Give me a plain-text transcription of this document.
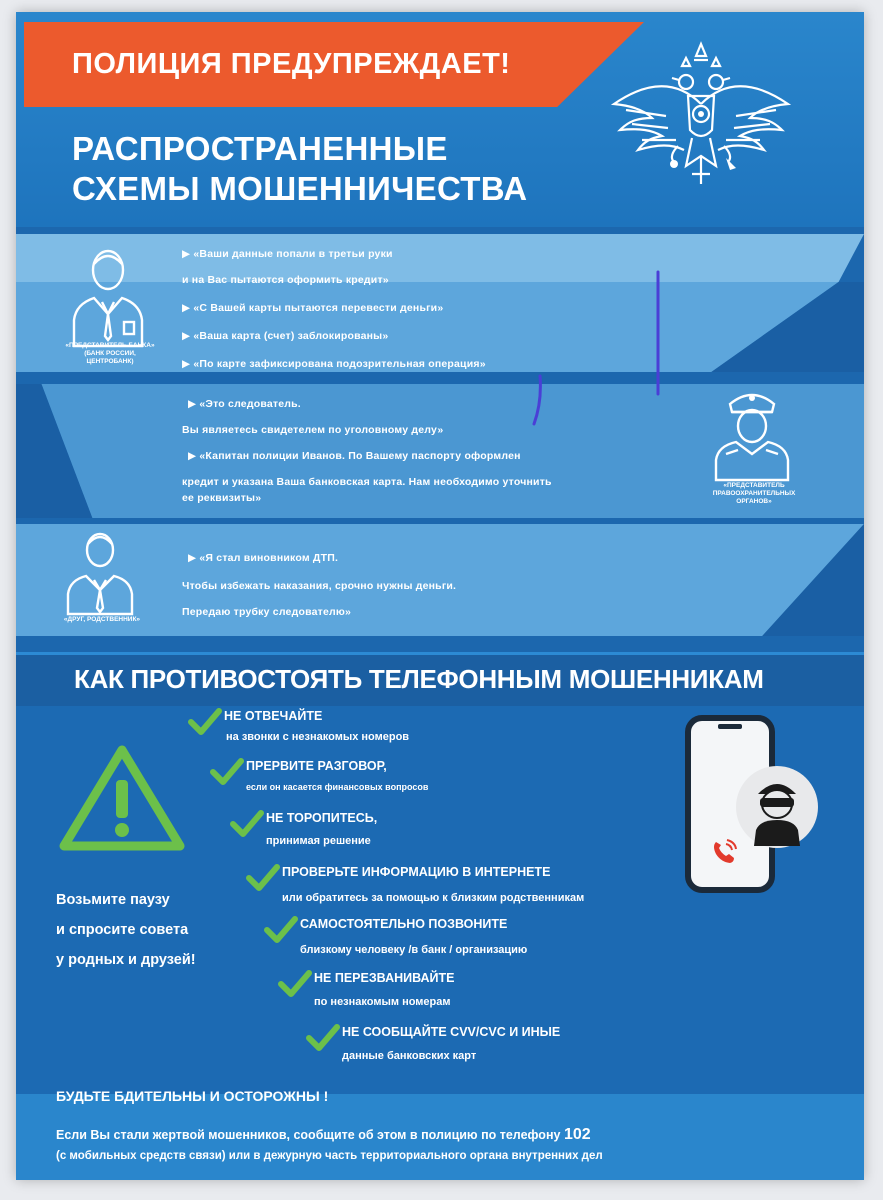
ПОЛИЦИЯ ПРЕДУПРЕЖДАЕТ!
РАСПРОСТРАНЕННЫЕ
СХЕМЫ МОШЕННИЧЕСТВА
«ПРЕДСТАВИТЕЛЬ БАНКА» (БАНК РОССИИ, ЦЕНТРОБАНК)
▶ «Ваши данные попали в третьи руки
и на Вас пытаются оформить кредит»
▶ «С Вашей карты пытаются перевести деньги»
▶ «Ваша карта (счет) заблокированы»
▶ «По карте зафиксирована подозрительная операция»
«ПРЕДСТАВИТЕЛЬ ПРАВООХРАНИТЕЛЬНЫХ ОРГАНОВ»
▶ «Это следователь.
Вы являетесь свидетелем по уголовному делу»
▶ «Капитан полиции Иванов. По Вашему паспорту оформлен
кредит и указана Ваша банковская карта. Нам необходимо уточнить
ее реквизиты»
«ДРУГ, РОДСТВЕННИК»
▶ «Я стал виновником ДТП.
Чтобы избежать наказания, срочно нужны деньги.
Передаю трубку следователю»
КАК ПРОТИВОСТОЯТЬ ТЕЛЕФОННЫМ МОШЕННИКАМ
Возьмите паузу
и спросите совета
у родных и друзей!
НЕ ОТВЕЧАЙТЕ
на звонки с незнакомых номеров
ПРЕРВИТЕ РАЗГОВОР,
если он касается финансовых вопросов
НЕ ТОРОПИТЕСЬ,
принимая решение
ПРОВЕРЬТЕ ИНФОРМАЦИЮ В ИНТЕРНЕТЕ
или обратитесь за помощью к близким родственникам
САМОСТОЯТЕЛЬНО ПОЗВОНИТЕ
близкому человеку /в банк / организацию
НЕ ПЕРЕЗВАНИВАЙТЕ
по незнакомым номерам
НЕ СООБЩАЙТЕ CVV/CVC И ИНЫЕ
данные банковских карт
БУДЬТЕ БДИТЕЛЬНЫ И ОСТОРОЖНЫ !
Если Вы стали жертвой мошенников, сообщите об этом в полицию по телефону 102
(с мобильных средств связи) или в дежурную часть территориального органа внутренних дел
